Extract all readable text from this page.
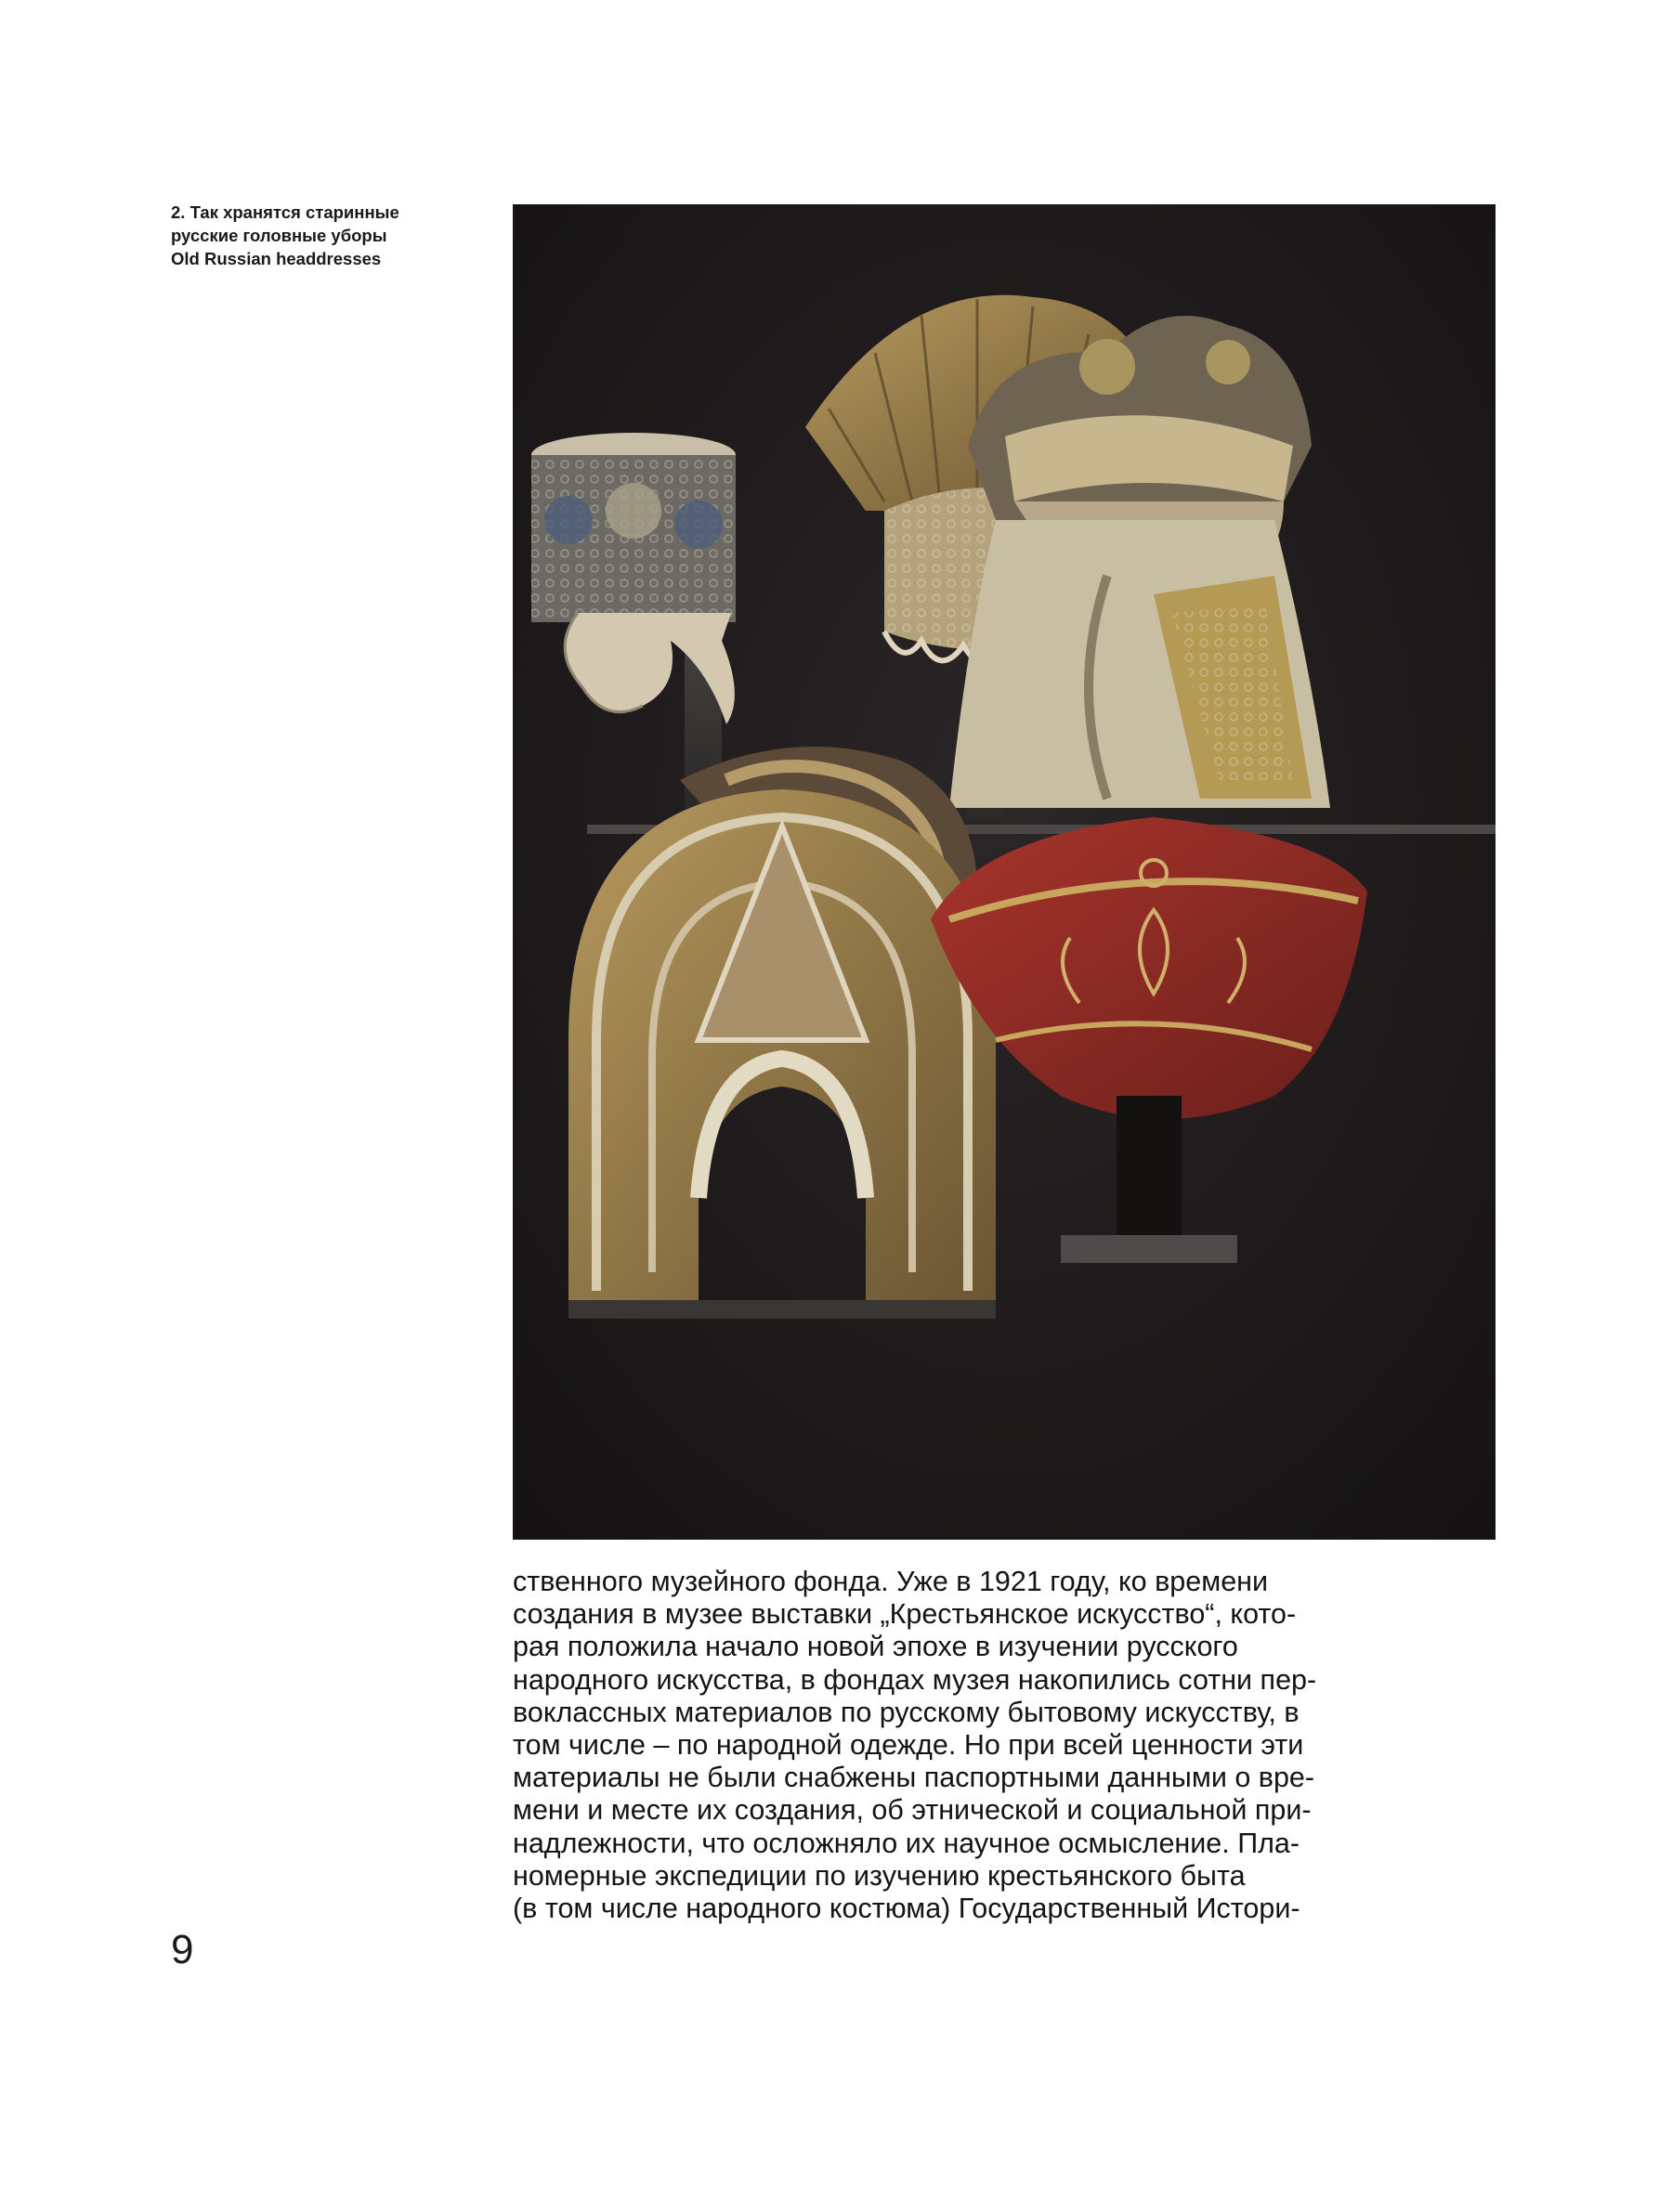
2. Так хранятся старинные
русские головные уборы
Old Russian headdresses
ственного музейного фонда. Уже в 1921 году, ко времени
создания в музее выставки „Крестьянское искусство“, кото-
рая положила начало новой эпохе в изучении русского
народного искусства, в фондах музея накопились сотни пер-
воклассных материалов по русскому бытовому искусству, в
том числе – по народной одежде. Но при всей ценности эти
материалы не были снабжены паспортными данными о вре-
мени и месте их создания, об этнической и социальной при-
надлежности, что осложняло их научное осмысление. Пла-
номерные экспедиции по изучению крестьянского быта
(в том числе народного костюма) Государственный Истори-
9
